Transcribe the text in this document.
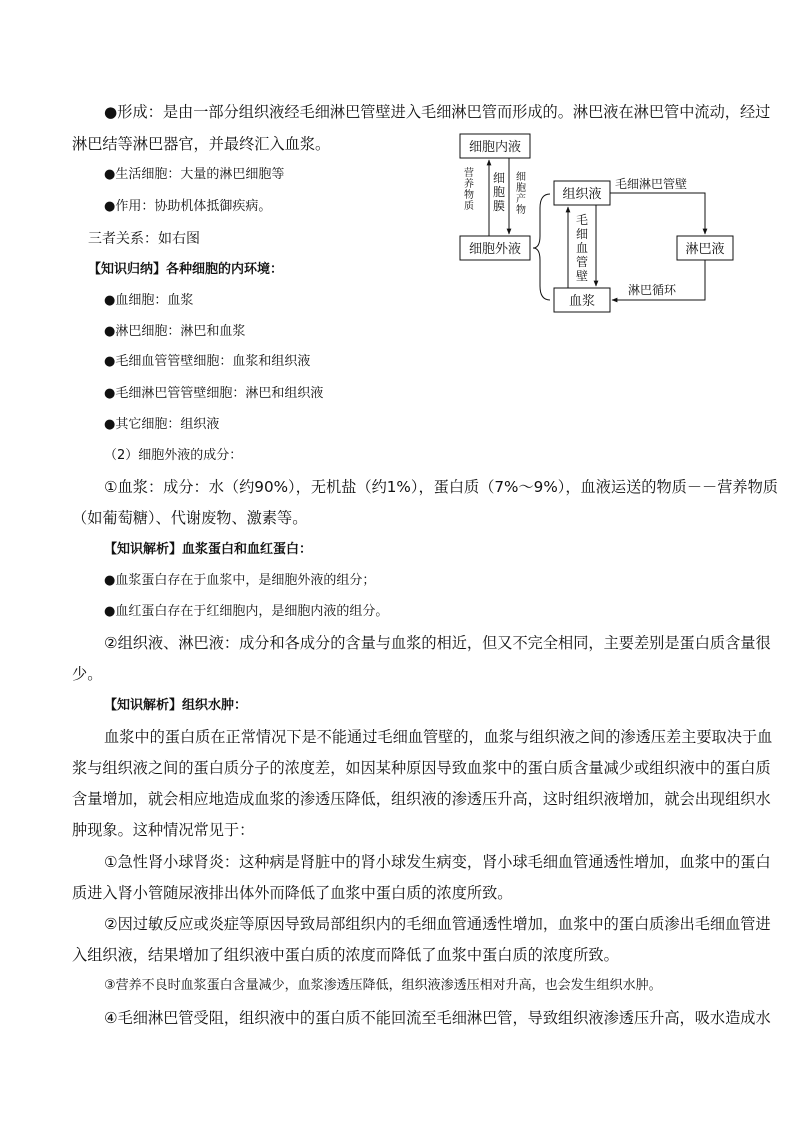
●形成：是由一部分组织液经毛细淋巴管壁进入毛细淋巴管而形成的。淋巴液在淋巴管中流动，经过
淋巴结等淋巴器官，并最终汇入血浆。
●生活细胞：大量的淋巴细胞等
●作用：协助机体抵御疾病。
三者关系：如右图
【知识归纳】各种细胞的内环境：
●血细胞：血浆
●淋巴细胞：淋巴和血浆
●毛细血管管壁细胞：血浆和组织液
●毛细淋巴管管壁细胞：淋巴和组织液
●其它细胞：组织液
（2）细胞外液的成分：
①血浆：成分：水（约90%），无机盐（约1%），蛋白质（7%～9%），血液运送的物质－－营养物质
（如葡萄糖）、代谢废物、激素等。
【知识解析】血浆蛋白和血红蛋白：
●血浆蛋白存在于血浆中，是细胞外液的组分；
●血红蛋白存在于红细胞内，是细胞内液的组分。
②组织液、淋巴液：成分和各成分的含量与血浆的相近，但又不完全相同，主要差别是蛋白质含量很
少。
【知识解析】组织水肿：
血浆中的蛋白质在正常情况下是不能通过毛细血管壁的，血浆与组织液之间的渗透压差主要取决于血
浆与组织液之间的蛋白质分子的浓度差，如因某种原因导致血浆中的蛋白质含量减少或组织液中的蛋白质
含量增加，就会相应地造成血浆的渗透压降低，组织液的渗透压升高，这时组织液增加，就会出现组织水
肿现象。这种情况常见于：
①急性肾小球肾炎：这种病是肾脏中的肾小球发生病变，肾小球毛细血管通透性增加，血浆中的蛋白
质进入肾小管随尿液排出体外而降低了血浆中蛋白质的浓度所致。
②因过敏反应或炎症等原因导致局部组织内的毛细血管通透性增加，血浆中的蛋白质渗出毛细血管进
入组织液，结果增加了组织液中蛋白质的浓度而降低了血浆中蛋白质的浓度所致。
③营养不良时血浆蛋白含量减少，血浆渗透压降低，组织液渗透压相对升高，也会发生组织水肿。
④毛细淋巴管受阻，组织液中的蛋白质不能回流至毛细淋巴管，导致组织液渗透压升高，吸水造成水
细胞内液
细胞外液
组织液
血浆
淋巴液
营养物质
细胞膜
细胞产物
毛细血管壁
毛细淋巴管壁
淋巴循环
